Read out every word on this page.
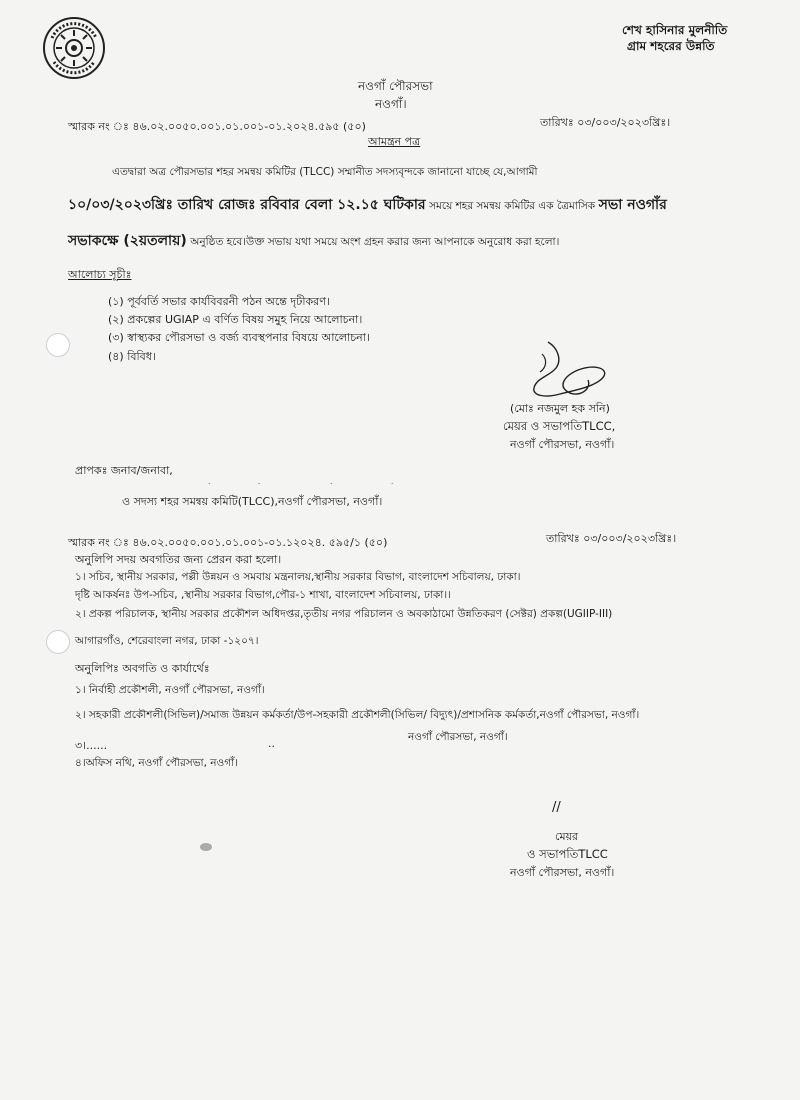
শেখ হাসিনার মুলনীতি
গ্রাম শহরের উন্নতি
নওগাঁ পৌরসভা
নওগাঁ।
স্মারক নং ঃ ৪৬.০২.০০৫০.০০১.০১.০০১-০১.২০২৪.৫৯৫ (৫০)	তারিখঃ ০৩/০০৩/২০২৩খ্রিঃ।
আমন্ত্রন পত্র
এতদ্বারা অত্র পৌরসভার শহর সমন্বয় কমিটির (TLCC) সম্মানীত সদস্যবৃন্দকে জানানো যাচ্ছে যে,আগামী
১০/০৩/২০২৩খ্রিঃ তারিখ রোজঃ রবিবার বেলা ১২.১৫ ঘটিকার সময়ে শহর সমন্বয় কমিটির এক ত্রৈমাসিক সভা নওগাঁর
সভাকক্ষে (২য়তলায়) অনুষ্ঠিত হবে।উক্ত সভায় যথা সময়ে অংশ গ্রহন করার জন্য আপনাকে অনুরোধ করা হলো।
আলোচ্য সূচীঃ
(১) পূর্ববর্তি সভার কার্যবিবরনী পঠন অন্তে দৃঢীকরণ।
(২) প্রকল্পের UGIAP এ বর্ণিত বিষয় সমুহ নিয়ে আলোচনা।
(৩) স্বাস্থ্যকর পৌরসভা ও বর্জ্য ব্যবস্থপনার বিষয়ে আলোচনা।
(৪) বিবিধ।
(মোঃ নজমুল হক সনি)
মেয়র ও সভাপতিTLCC,
নওগাঁ পৌরসভা, নওগাঁ।
প্রাপকঃ জনাব/জনাবা,
.        .            .          .
ও সদস্য শহর সমন্বয় কমিটি(TLCC),নওগাঁ পৌরসভা, নওগাঁ।
স্মারক নং ঃ ৪৬.০২.০০৫০.০০১.০১.০০১-০১.১২০২৪. ৫৯৫/১ (৫০)	তারিখঃ ০৩/০০৩/২০২৩খ্রিঃ।
অনুলিপি সদয় অবগতির জন্য প্রেরন করা হলো।
১। সচিব, স্থানীয় সরকার, পল্লী উন্নয়ন ও সমবায় মন্ত্রনালয়,স্থানীয় সরকার বিভাগ, বাংলাদেশ সচিবালয়, ঢাকা।
দৃষ্টি আকর্ষনঃ উপ-সচিব, ,স্থানীয় সরকার বিভাগ,পৌর-১ শাখা, বাংলাদেশ সচিবালয়, ঢাকা।।
২। প্রকল্প পরিচালক, স্থানীয় সরকার প্রকৌশল অধিদপ্তর,তৃতীয় নগর পরিচালন ও অবকাঠামো উন্নতিকরণ (সেক্টর) প্রকল্প(UGIIP-III)
আগারগাঁও, শেরেবাংলা নগর, ঢাকা -১২০৭।
অনুলিপিঃ অবগতি ও কার্যার্থেঃ
১। নির্বাহী প্রকৌশলী, নওগাঁ পৌরসভা, নওগাঁ।
২। সহকারী প্রকৌশলী(সিভিল)/সমাজ উন্নয়ন কর্মকর্তা/উপ-সহকারী প্রকৌশলী(সিভিল/ বিদ্যুৎ)/প্রশাসনিক কর্মকর্তা,নওগাঁ পৌরসভা, নওগাঁ।
৩।......	..	নওগাঁ পৌরসভা, নওগাঁ।
৪।অফিস নথি, নওগাঁ পৌরসভা, নওগাঁ।
//
মেয়র
ও সভাপতিTLCC
নওগাঁ পৌরসভা, নওগাঁ।
